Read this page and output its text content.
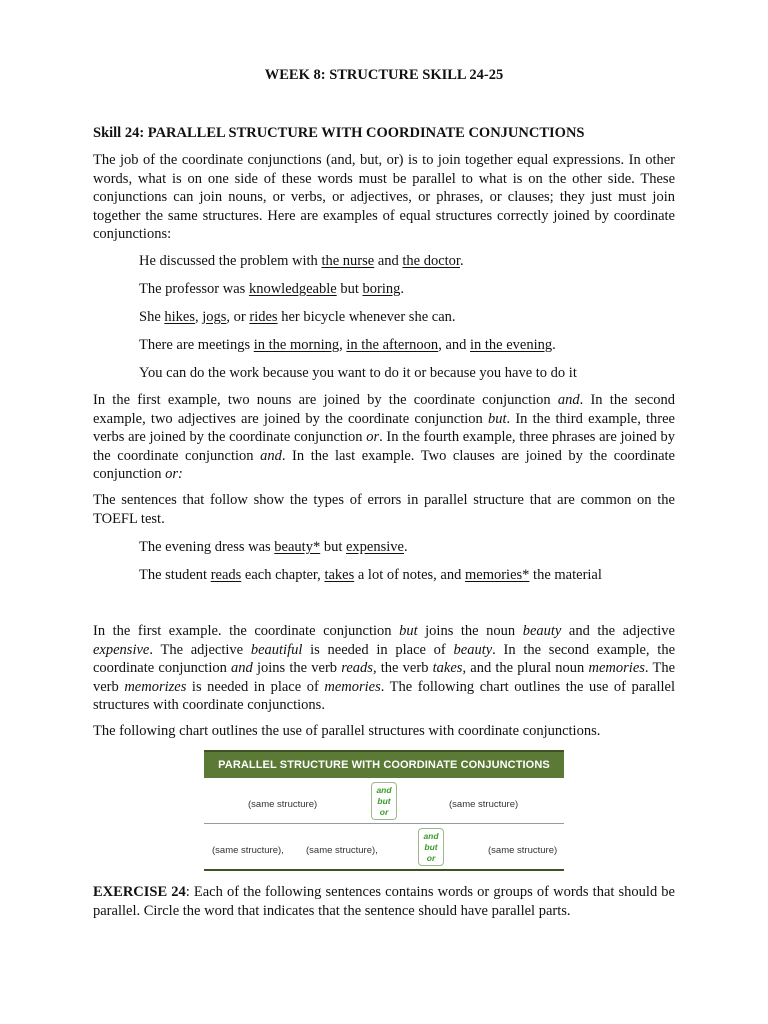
WEEK 8: STRUCTURE SKILL 24-25
Skill 24: PARALLEL STRUCTURE WITH COORDINATE CONJUNCTIONS

The job of the coordinate conjunctions (and, but, or) is to join together equal expressions. In other words, what is on one side of these words must be parallel to what is on the other side. These conjunctions can join nouns, or verbs, or adjectives, or phrases, or clauses; they just must join together the same structures. Here are examples of equal structures correctly joined by coordinate conjunctions:

He discussed the problem with the nurse and the doctor.
The professor was knowledgeable but boring.
She hikes, jogs, or rides her bicycle whenever she can.
There are meetings in the morning, in the afternoon, and in the evening.
You can do the work because you want to do it or because you have to do it

In the first example, two nouns are joined by the coordinate conjunction and. In the second example, two adjectives are joined by the coordinate conjunction but. In the third example, three verbs are joined by the coordinate conjunction or. In the fourth example, three phrases are joined by the coordinate conjunction and. In the last example. Two clauses are joined by the coordinate conjunction or:

The sentences that follow show the types of errors in parallel structure that are common on the TOEFL test.

The evening dress was beauty* but expensive.
The student reads each chapter, takes a lot of notes, and memories* the material

In the first example. the coordinate conjunction but joins the noun beauty and the adjective expensive. The adjective beautiful is needed in place of beauty. In the second example, the coordinate conjunction and joins the verb reads, the verb takes, and the plural noun memories. The verb memorizes is needed in place of memories. The following chart outlines the use of parallel structures with coordinate conjunctions.

The following chart outlines the use of parallel structures with coordinate conjunctions.

PARALLEL STRUCTURE WITH COORDINATE CONJUNCTIONS
(same structure)
and
but
or
(same structure)
(same structure), (same structure),
and
but
or
(same structure)

EXERCISE 24: Each of the following sentences contains words or groups of words that should be parallel. Circle the word that indicates that the sentence should have parallel parts.
